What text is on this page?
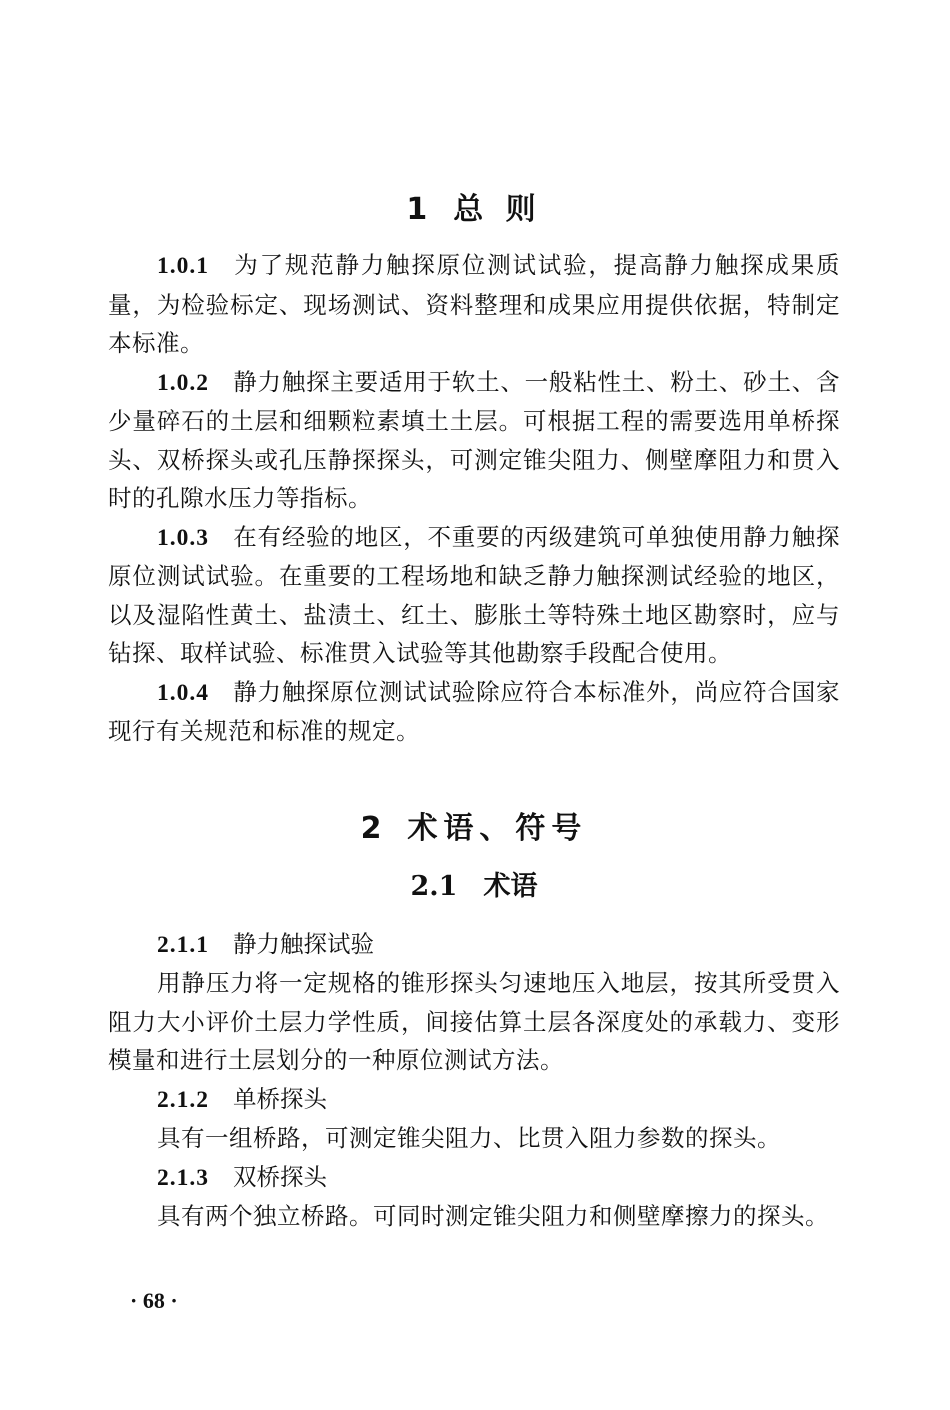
1 总 则

1.0.1 为了规范静力触探原位测试试验，提高静力触探成果质量，为检验标定、现场测试、资料整理和成果应用提供依据，特制定本标准。

1.0.2 静力触探主要适用于软土、一般粘性土、粉土、砂土、含少量碎石的土层和细颗粒素填土土层。可根据工程的需要选用单桥探头、双桥探头或孔压静探探头，可测定锥尖阻力、侧壁摩阻力和贯入时的孔隙水压力等指标。

1.0.3 在有经验的地区，不重要的丙级建筑可单独使用静力触探原位测试试验。在重要的工程场地和缺乏静力触探测试经验的地区，以及湿陷性黄土、盐渍土、红土、膨胀土等特殊土地区勘察时，应与钻探、取样试验、标准贯入试验等其他勘察手段配合使用。

1.0.4 静力触探原位测试试验除应符合本标准外，尚应符合国家现行有关规范和标准的规定。

2 术语、符号
2.1 术语

2.1.1 静力触探试验

用静压力将一定规格的锥形探头匀速地压入地层，按其所受贯入阻力大小评价土层力学性质，间接估算土层各深度处的承载力、变形模量和进行土层划分的一种原位测试方法。

2.1.2 单桥探头

具有一组桥路，可测定锥尖阻力、比贯入阻力参数的探头。

2.1.3 双桥探头

具有两个独立桥路。可同时测定锥尖阻力和侧壁摩擦力的探头。

· 68 ·
